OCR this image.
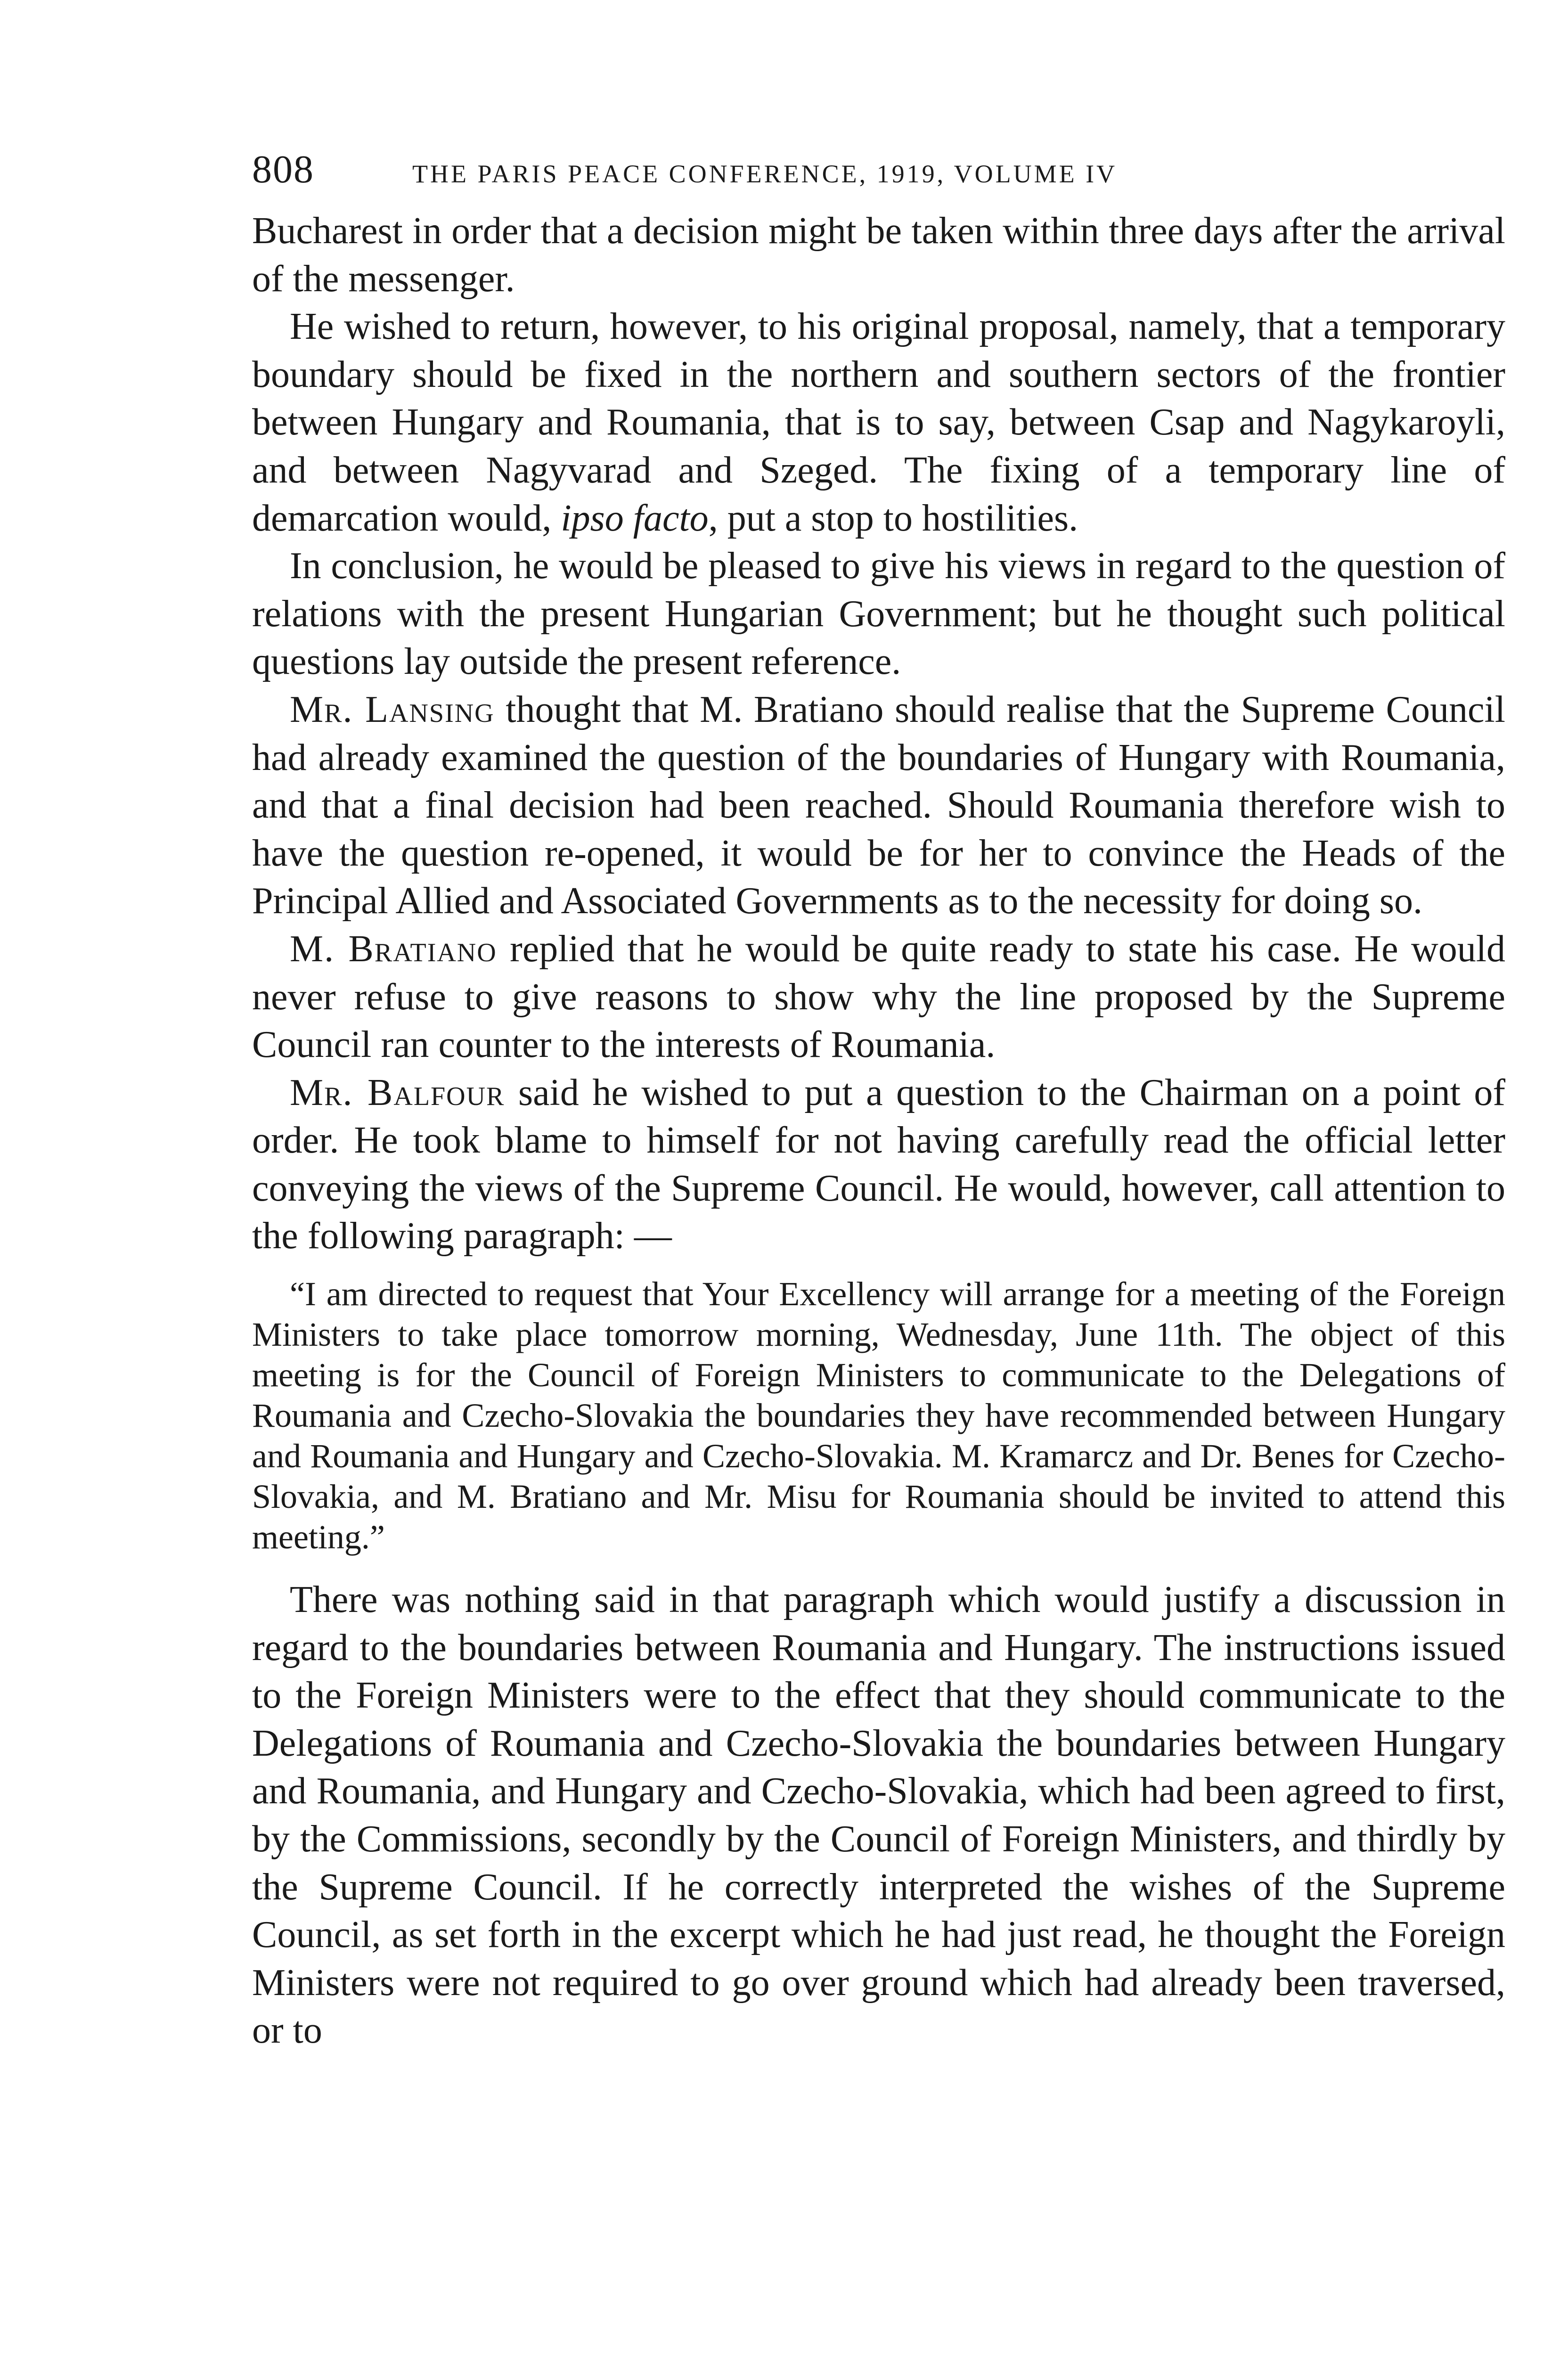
808	THE PARIS PEACE CONFERENCE, 1919, VOLUME IV

Bucharest in order that a decision might be taken within three days after the arrival of the messenger.

He wished to return, however, to his original proposal, namely, that a temporary boundary should be fixed in the northern and southern sectors of the frontier between Hungary and Roumania, that is to say, between Csap and Nagykaroyli, and between Nagyvarad and Szeged. The fixing of a temporary line of demarcation would, ipso facto, put a stop to hostilities.

In conclusion, he would be pleased to give his views in regard to the question of relations with the present Hungarian Government; but he thought such political questions lay outside the present reference.

Mr. Lansing thought that M. Bratiano should realise that the Supreme Council had already examined the question of the boundaries of Hungary with Roumania, and that a final decision had been reached. Should Roumania therefore wish to have the question re-opened, it would be for her to convince the Heads of the Principal Allied and Associated Governments as to the necessity for doing so.

M. Bratiano replied that he would be quite ready to state his case. He would never refuse to give reasons to show why the line proposed by the Supreme Council ran counter to the interests of Roumania.

Mr. Balfour said he wished to put a question to the Chairman on a point of order. He took blame to himself for not having carefully read the official letter conveying the views of the Supreme Council. He would, however, call attention to the following paragraph: —

“I am directed to request that Your Excellency will arrange for a meeting of the Foreign Ministers to take place tomorrow morning, Wednesday, June 11th. The object of this meeting is for the Council of Foreign Ministers to communicate to the Delegations of Roumania and Czecho-Slovakia the boundaries they have recommended between Hungary and Roumania and Hungary and Czecho-Slovakia. M. Kramarcz and Dr. Benes for Czecho-Slovakia, and M. Bratiano and Mr. Misu for Roumania should be invited to attend this meeting.”

There was nothing said in that paragraph which would justify a discussion in regard to the boundaries between Roumania and Hungary. The instructions issued to the Foreign Ministers were to the effect that they should communicate to the Delegations of Roumania and Czecho-Slovakia the boundaries between Hungary and Roumania, and Hungary and Czecho-Slovakia, which had been agreed to first, by the Commissions, secondly by the Council of Foreign Ministers, and thirdly by the Supreme Council. If he correctly interpreted the wishes of the Supreme Council, as set forth in the excerpt which he had just read, he thought the Foreign Ministers were not required to go over ground which had already been traversed, or to
